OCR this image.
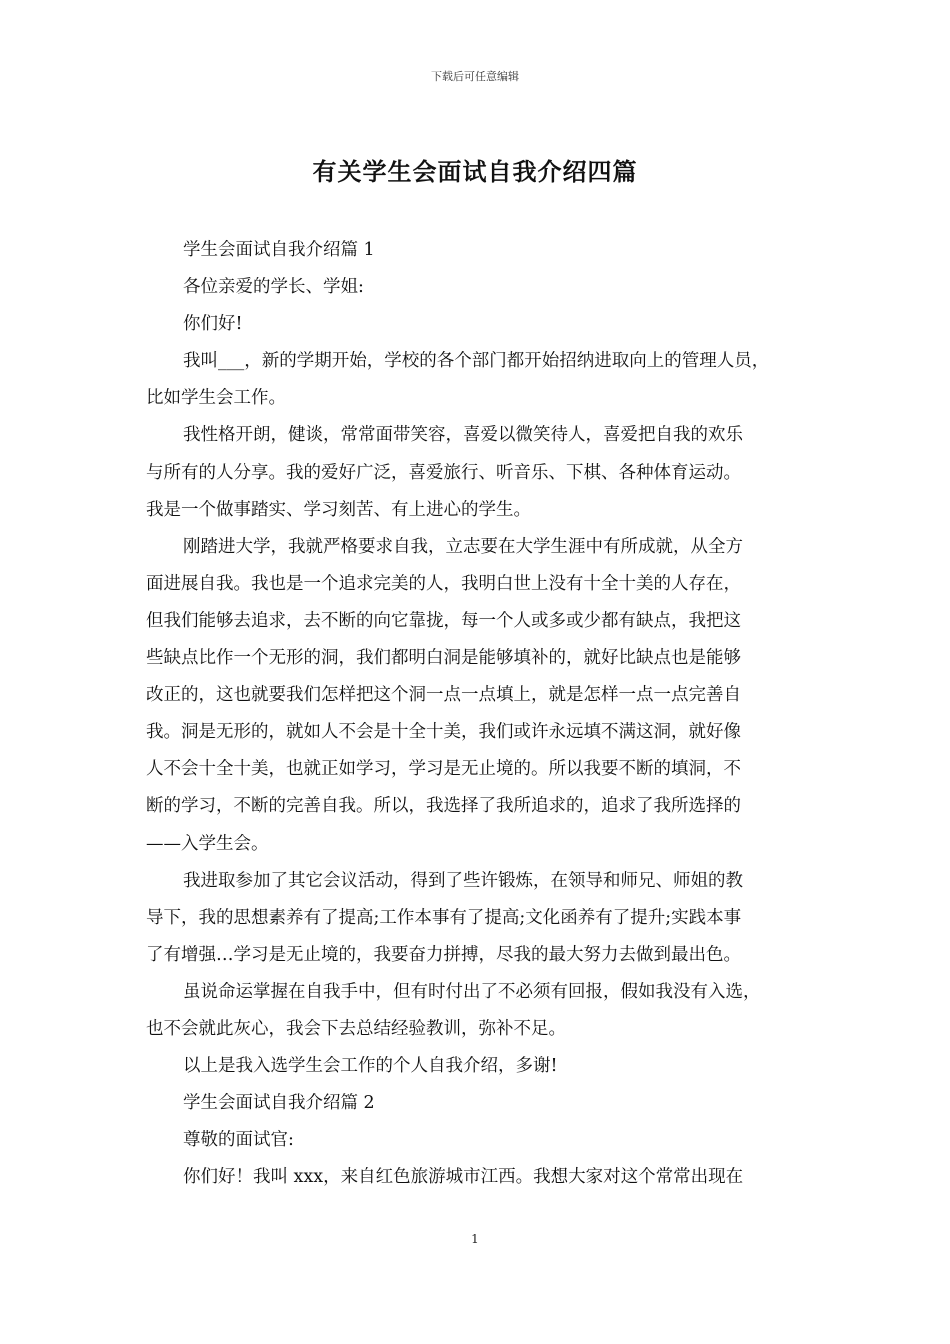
下载后可任意编辑
有关学生会面试自我介绍四篇
学生会面试自我介绍篇 1
各位亲爱的学长、学姐:
你们好!
我叫___，新的学期开始，学校的各个部门都开始招纳进取向上的管理人员，
比如学生会工作。
我性格开朗，健谈，常常面带笑容，喜爱以微笑待人，喜爱把自我的欢乐
与所有的人分享。我的爱好广泛，喜爱旅行、听音乐、下棋、各种体育运动。
我是一个做事踏实、学习刻苦、有上进心的学生。
刚踏进大学，我就严格要求自我，立志要在大学生涯中有所成就，从全方
面进展自我。我也是一个追求完美的人，我明白世上没有十全十美的人存在，
但我们能够去追求，去不断的向它靠拢，每一个人或多或少都有缺点，我把这
些缺点比作一个无形的洞，我们都明白洞是能够填补的，就好比缺点也是能够
改正的，这也就要我们怎样把这个洞一点一点填上，就是怎样一点一点完善自
我。洞是无形的，就如人不会是十全十美，我们或许永远填不满这洞，就好像
人不会十全十美，也就正如学习，学习是无止境的。所以我要不断的填洞，不
断的学习，不断的完善自我。所以，我选择了我所追求的，追求了我所选择的
——入学生会。
我进取参加了其它会议活动，得到了些许锻炼，在领导和师兄、师姐的教
导下，我的思想素养有了提高;工作本事有了提高;文化函养有了提升;实践本事
了有增强…学习是无止境的，我要奋力拼搏，尽我的最大努力去做到最出色。
虽说命运掌握在自我手中，但有时付出了不必须有回报，假如我没有入选，
也不会就此灰心，我会下去总结经验教训，弥补不足。
以上是我入选学生会工作的个人自我介绍，多谢!
学生会面试自我介绍篇 2
尊敬的面试官:
你们好！我叫 xxx，来自红色旅游城市江西。我想大家对这个常常出现在
1
